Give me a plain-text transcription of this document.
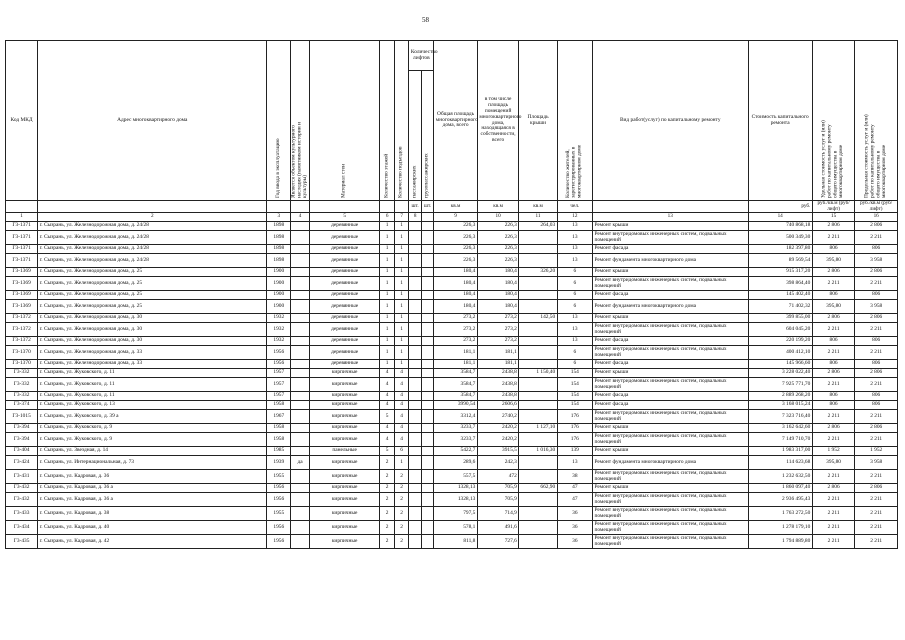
58
Код МКД	Адрес многоквартирного дома	Год ввода в эксплуатацию	Является объектом культурного наследия (памятником истории и культуры)	Материал стен	Количество этажей	Количество подъездов	Количество лифтов		Общая площадь многоквартирного дома, всего	в том числе площадь помещений многоквартирного дома, находящаяся в собственности, всего	Площадь крыши	Количество жителей, зарегистрированных в многоквартирном доме	Вид работ(услуг) по капитальному ремонту	Стоимость капитального ремонта	Удельная стоимость услуг и (или) работ по капитальному ремонту общего имущества в многоквартирном доме	Предельная стоимость услуг и (или) работ по капитальному ремонту общего имущества в многоквартирном доме
							пассажирских	грузопассажирских								
							шт.	шт.	кв.м	кв.м	кв.м	чел.		руб.	руб./кв.м (руб/лифт)	руб./кв.м (руб/лифт)
1	2	3	4	5	6	7	8		9	10	11	12	13	14	15	16
Г3-1371	г. Сызрань, ул. Железнодорожная дома, д. 24/28	1898		деревянные	1	1			226,3	226,3	264,03	13	Ремонт крыши	740 868,18	2 806	2 806
Г3-1371	г. Сызрань, ул. Железнодорожная дома, д. 24/28	1898		деревянные	1	1			226,3	226,3		13	Ремонт внутридомовых инженерных систем, подвальных помещений	500 349,30	2 211	2 211
Г3-1371	г. Сызрань, ул. Железнодорожная дома, д. 24/28	1898		деревянные	1	1			226,3	226,3		13	Ремонт фасада	182 397,80	806	806
Г3-1371	г. Сызрань, ул. Железнодорожная дома, д. 24/28	1898		деревянные	1	1			226,3	226,3		13	Ремонт фундамента многоквартирного дома	89 569,54	395,80	3 958
Г3-1369	г. Сызрань, ул. Железнодорожная дома, д. 25	1900		деревянные	1	1			180,4	180,4	326,20	6	Ремонт крыши	915 317,20	2 806	2 806
Г3-1369	г. Сызрань, ул. Железнодорожная дома, д. 25	1900		деревянные	1	1			180,4	180,4		6	Ремонт внутридомовых инженерных систем, подвальных помещений	398 864,40	2 211	2 211
Г3-1369	г. Сызрань, ул. Железнодорожная дома, д. 25	1900		деревянные	1	1			180,4	180,4		6	Ремонт фасада	145 402,40	806	806
Г3-1369	г. Сызрань, ул. Железнодорожная дома, д. 25	1900		деревянные	1	1			180,4	180,4		6	Ремонт фундамента многоквартирного дома	71 402,32	395,80	3 958
Г3-1372	г. Сызрань, ул. Железнодорожная дома, д. 30	1932		деревянные	1	1			273,2	273,2	142,50	13	Ремонт крыши	399 855,00	2 806	2 806
Г3-1372	г. Сызрань, ул. Железнодорожная дома, д. 30	1932		деревянные	1	1			273,2	273,2		13	Ремонт внутридомовых инженерных систем, подвальных помещений	604 045,20	2 211	2 211
Г3-1372	г. Сызрань, ул. Железнодорожная дома, д. 30	1932		деревянные	1	1			273,2	273,2		13	Ремонт фасада	220 199,20	806	806
Г3-1370	г. Сызрань, ул. Железнодорожная дома, д. 33	1956		деревянные	1	1			181,1	181,1		6	Ремонт внутридомовых инженерных систем, подвальных помещений	400 412,10	2 211	2 211
Г3-1370	г. Сызрань, ул. Железнодорожная дома, д. 33	1956		деревянные	1	1			181,1	181,1		6	Ремонт фасада	145 966,60	806	806
Г3-332	г. Сызрань, ул. Жуковского, д. 11	1957		кирпичные	4	4			3584,7	2438,8	1 150,40	154	Ремонт крыши	3 228 022,40	2 806	2 806
Г3-332	г. Сызрань, ул. Жуковского, д. 11	1957		кирпичные	4	4			3584,7	2438,8		154	Ремонт внутридомовых инженерных систем, подвальных помещений	7 925 771,70	2 211	2 211
Г3-332	г. Сызрань, ул. Жуковского, д. 11	1957		кирпичные	4	4			3584,7	2438,8		154	Ремонт фасада	2 889 268,20	806	806
Г3-374	г. Сызрань, ул. Жуковского, д. 13	1958		кирпичные	4	4			3990,54	2606,6		154	Ремонт фасада	3 168 015,24	806	806
Г3-1015	г. Сызрань, ул. Жуковского, д. 39 а	1967		кирпичные	5	4			3312,4	2740,2		176	Ремонт внутридомовых инженерных систем, подвальных помещений	7 323 716,40	2 211	2 211
Г3-394	г. Сызрань, ул. Жуковского, д. 9	1958		кирпичные	4	4			3233,7	2420,2	1 127,10	176	Ремонт крыши	3 162 642,60	2 806	2 806
Г3-394	г. Сызрань, ул. Жуковского, д. 9	1958		кирпичные	4	4			3233,7	2420,2		176	Ремонт внутридомовых инженерных систем, подвальных помещений	7 149 710,70	2 211	2 211
Г3-404	г. Сызрань, ул. Звездная, д. 14	1985		панельные	5	6			5422,7	3915,5	1 016,30	139	Ремонт крыши	1 983 317,00	1 952	1 952
Г3-424	г. Сызрань, ул. Интернациональная, д. 73	1939	да	кирпичные	2	1			289,6	242,3		13	Ремонт фундамента многоквартирного дома	114 623,68	395,80	3 958
Г3-431	г. Сызрань, ул. Кадровая, д. 36	1955		кирпичные	2	2			557,5	472		38	Ремонт внутридомовых инженерных систем, подвальных помещений	1 232 632,50	2 211	2 211
Г3-432	г. Сызрань, ул. Кадровая, д. 36 а	1956		кирпичные	2	2			1328,13	705,9	662,90	47	Ремонт крыши	1 860 097,40	2 806	2 806
Г3-432	г. Сызрань, ул. Кадровая, д. 36 а	1956		кирпичные	2	2			1328,13	705,9		47	Ремонт внутридомовых инженерных систем, подвальных помещений	2 936 495,43	2 211	2 211
Г3-433	г. Сызрань, ул. Кадровая, д. 38	1955		кирпичные	2	2			797,5	714,9		36	Ремонт внутридомовых инженерных систем, подвальных помещений	1 763 272,50	2 211	2 211
Г3-434	г. Сызрань, ул. Кадровая, д. 40	1956		кирпичные	2	2			578,1	491,6		36	Ремонт внутридомовых инженерных систем, подвальных помещений	1 278 179,10	2 211	2 211
Г3-435	г. Сызрань, ул. Кадровая, д. 42	1956		кирпичные	2	2			811,8	727,6		36	Ремонт внутридомовых инженерных систем, подвальных помещений	1 794 889,80	2 211	2 211
